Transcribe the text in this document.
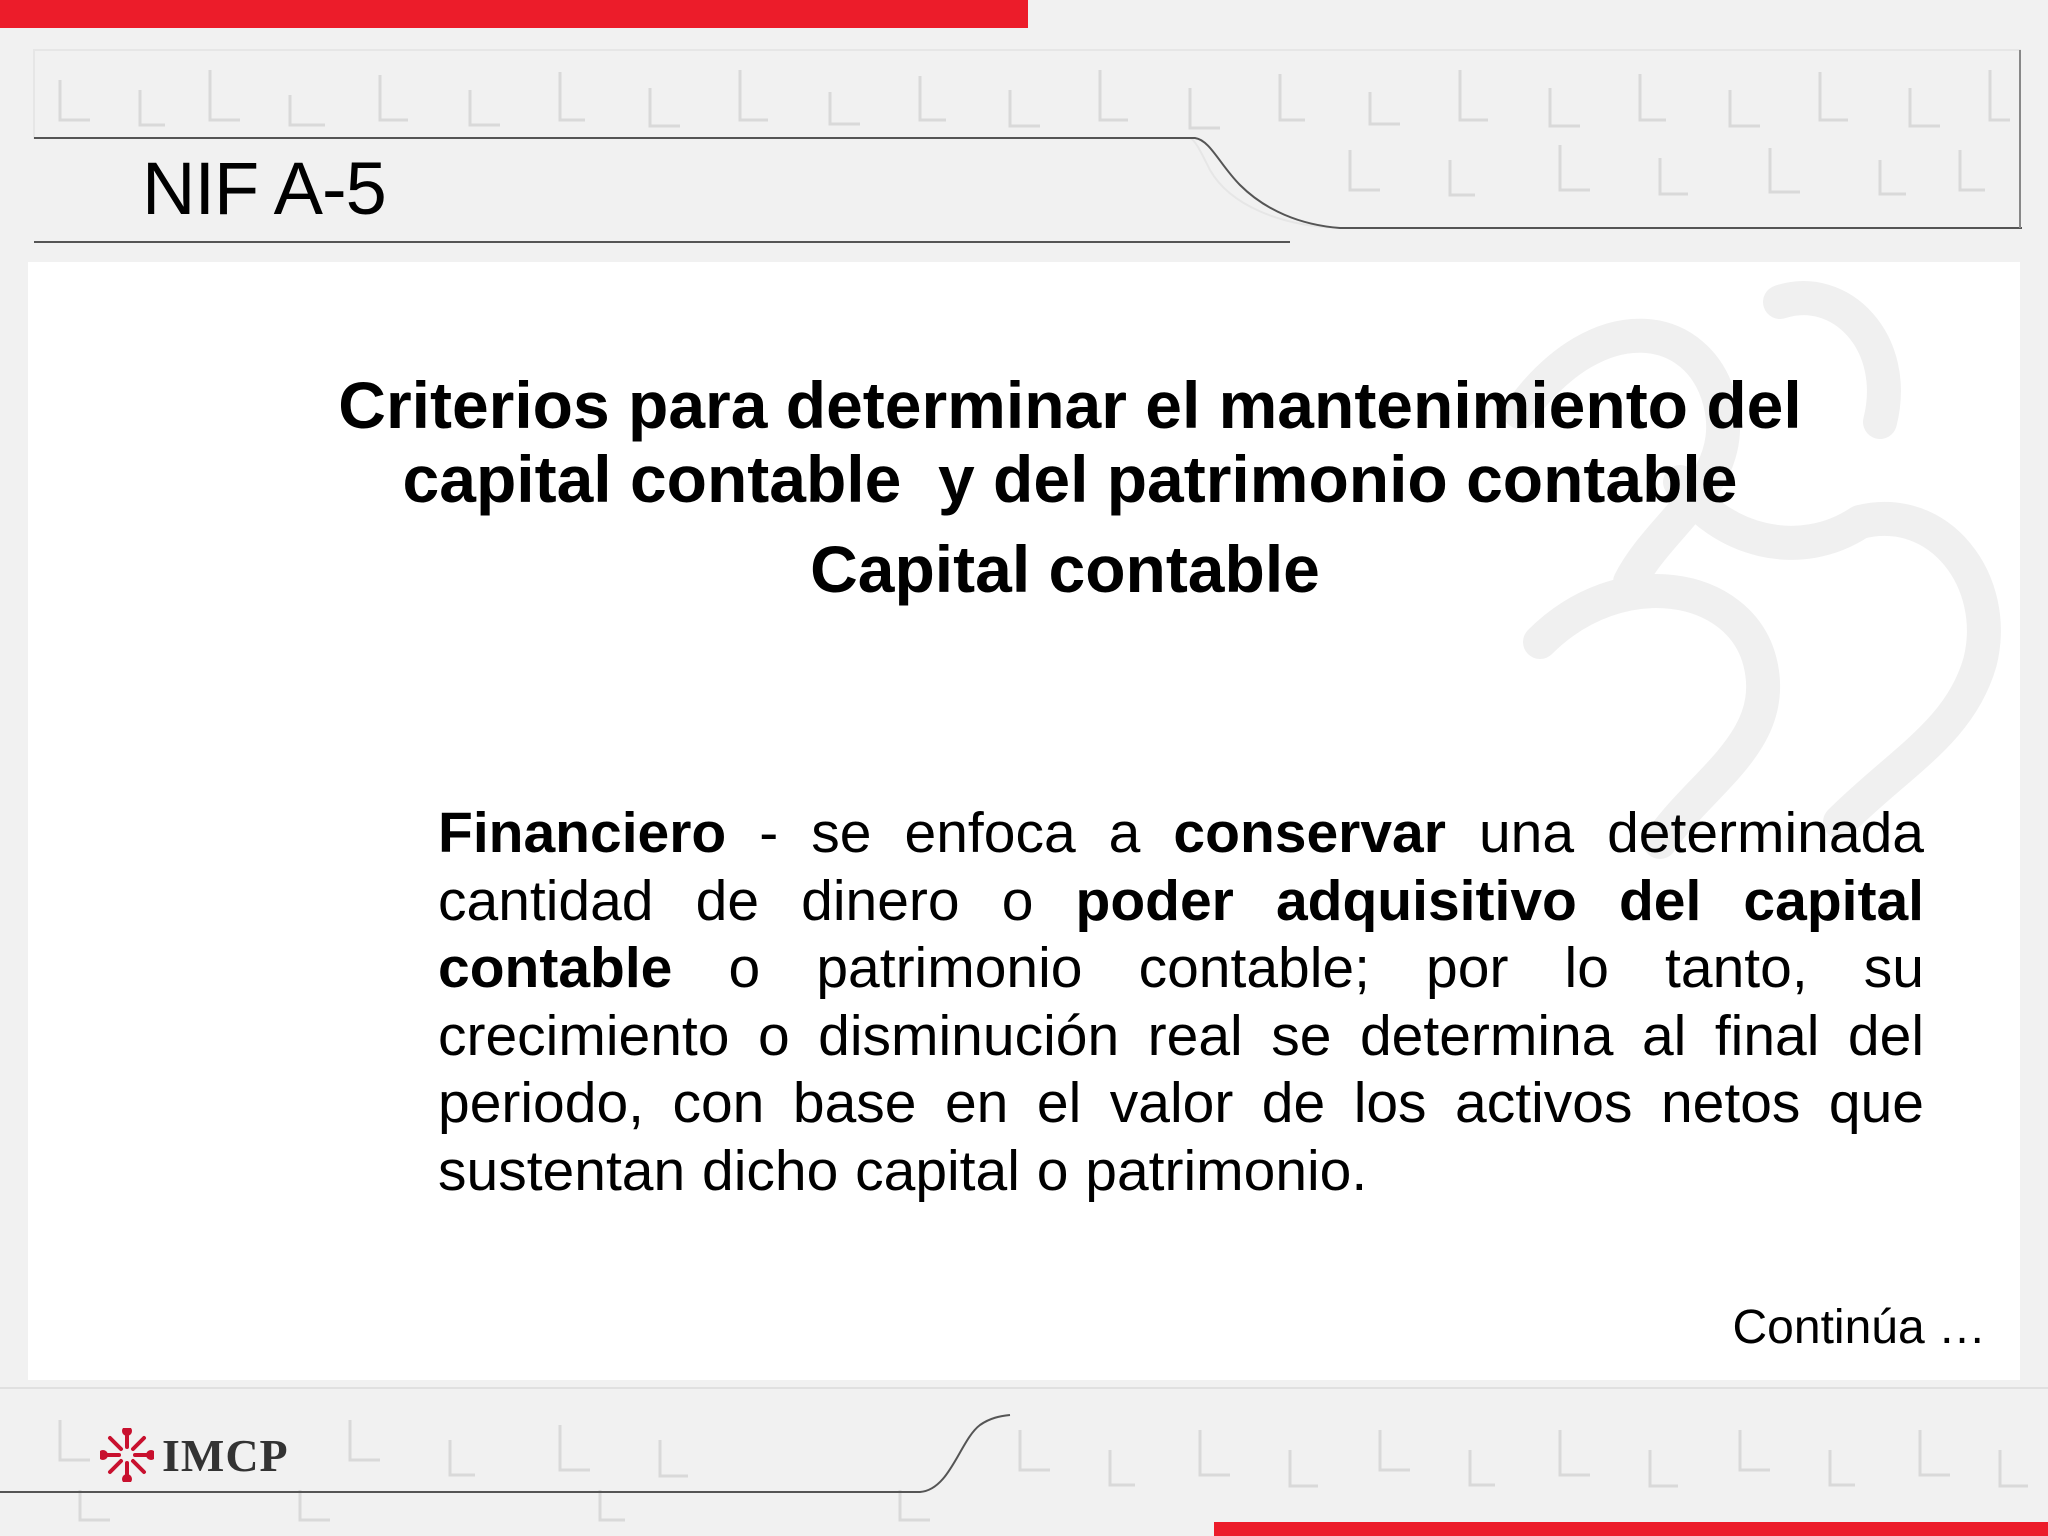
NIF A-5
Criterios para determinar el mantenimiento del
capital contable  y del patrimonio contable
Capital contable
Financiero - se enfoca a conservar una determinada cantidad de dinero o poder adquisitivo del capital contable o patrimonio contable; por lo tanto, su crecimiento o disminución real se determina al final del periodo, con base en el valor de los activos netos que sustentan dicho capital o patrimonio.
Continúa …
IMCP
